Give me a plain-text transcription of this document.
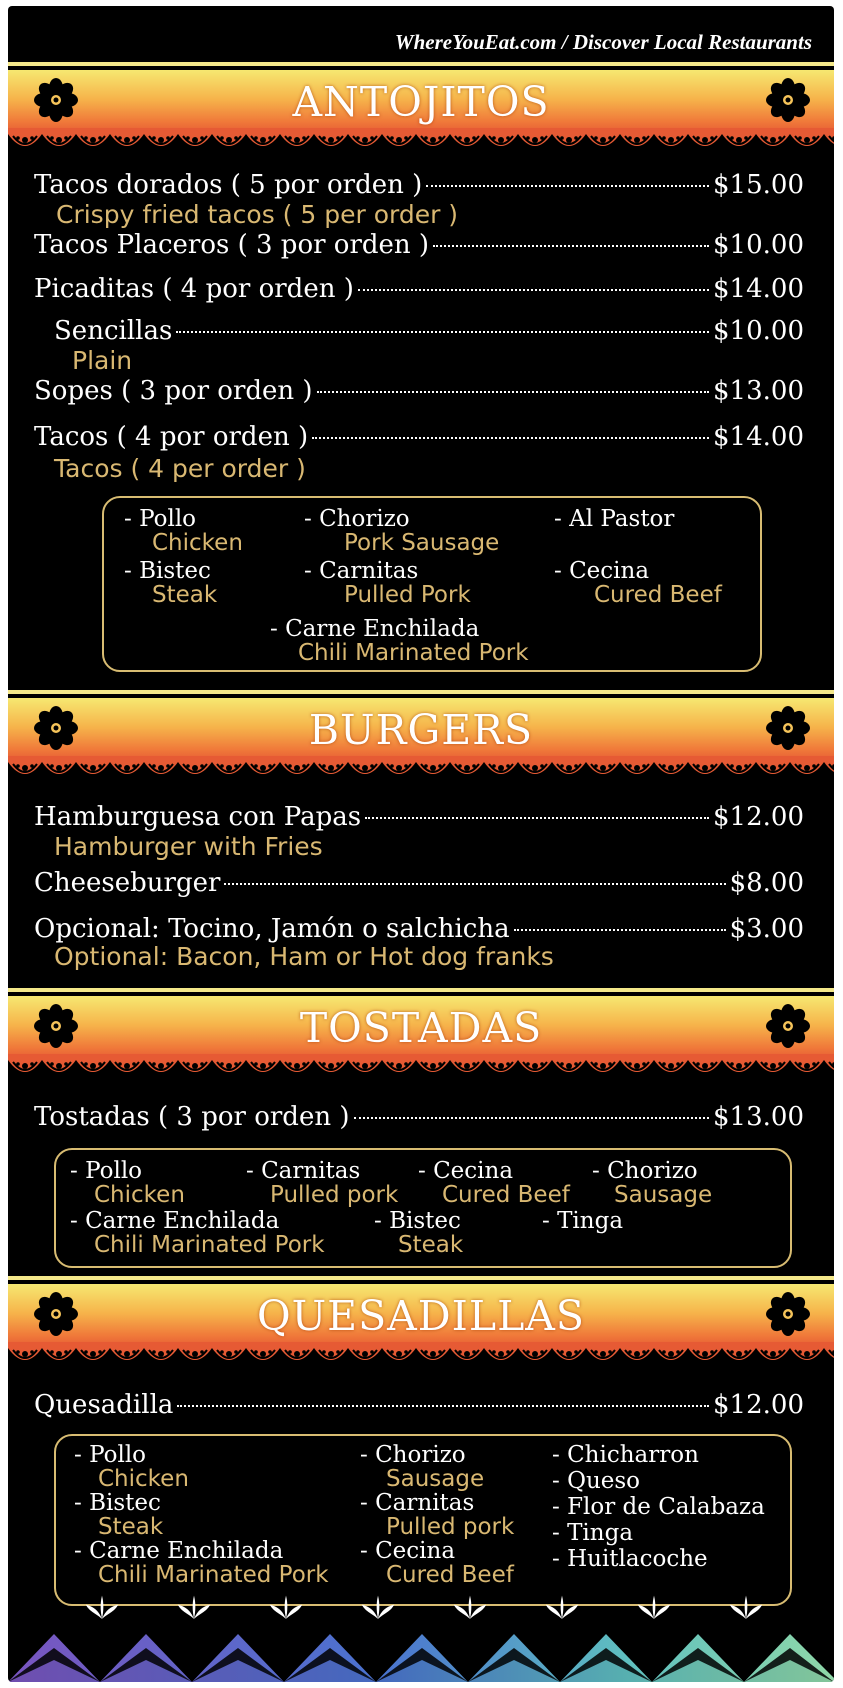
WhereYouEat.com / Discover Local Restaurants
ANTOJITOS
Tacos dorados ( 5 por orden )	$15.00
Crispy fried tacos ( 5 per order )
Tacos Placeros ( 3 por orden )	$10.00
Picaditas ( 4 por orden )	$14.00
Sencillas	$10.00
Plain
Sopes ( 3 por orden )	$13.00
Tacos ( 4 por orden )	$14.00
Tacos ( 4 per order )
- Pollo
Chicken
- Chorizo
Pork Sausage
- Al Pastor
- Bistec
Steak
- Carnitas
Pulled Pork
- Cecina
Cured Beef
- Carne Enchilada
Chili Marinated Pork
BURGERS
Hamburguesa con Papas	$12.00
Hamburger with Fries
Cheeseburger	$8.00
Opcional: Tocino, Jamón o salchicha	$3.00
Optional: Bacon, Ham or Hot dog franks
TOSTADAS
Tostadas ( 3 por orden )	$13.00
- Pollo
Chicken
- Carnitas
Pulled pork
- Cecina
Cured Beef
- Chorizo
Sausage
- Carne Enchilada
Chili Marinated Pork
- Bistec
Steak
- Tinga
QUESADILLAS
Quesadilla	$12.00
- Pollo
Chicken
- Chorizo
Sausage
- Chicharron
- Queso
- Bistec
Steak
- Carnitas
Pulled pork
- Flor de Calabaza
- Tinga
- Carne Enchilada
Chili Marinated Pork
- Cecina
Cured Beef
- Huitlacoche
